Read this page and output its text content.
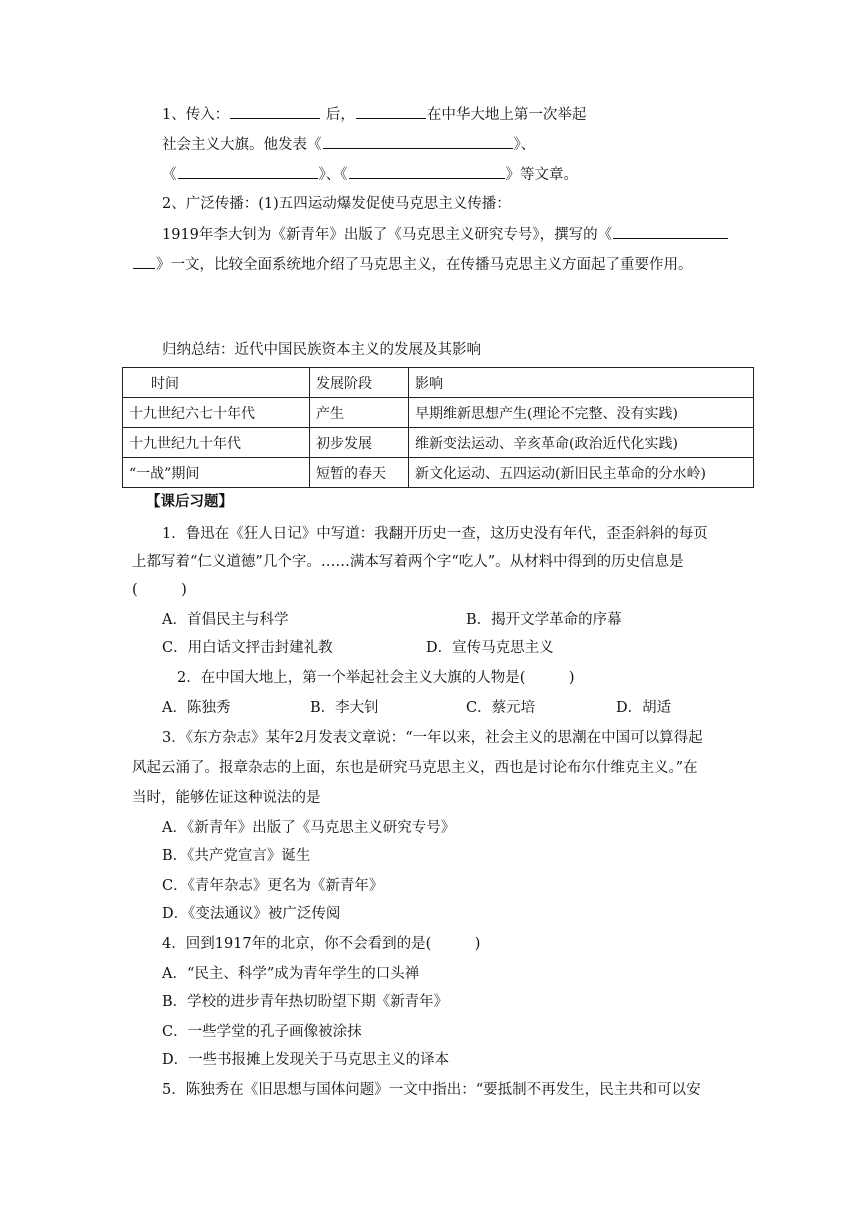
1、传入：	后，	在中华大地上第一次举起
社会主义大旗。他发表《	》、
《	》、《	》等文章。
2、广泛传播：(1)五四运动爆发促使马克思主义传播：
1919年李大钊为《新青年》出版了《马克思主义研究专号》，撰写的《
》一文，比较全面系统地介绍了马克思主义，在传播马克思主义方面起了重要作用。
归纳总结：近代中国民族资本主义的发展及其影响
时间	发展阶段	影响
十九世纪六七十年代	产生	早期维新思想产生(理论不完整、没有实践)
十九世纪九十年代	初步发展	维新变法运动、辛亥革命(政治近代化实践)
“一战”期间	短暂的春天	新文化运动、五四运动(新旧民主革命的分水岭)
【课后习题】
1．鲁迅在《狂人日记》中写道：我翻开历史一查，这历史没有年代，歪歪斜斜的每页
上都写着“仁义道德”几个字。……满本写着两个字“吃人”。从材料中得到的历史信息是
(　　　)
A．首倡民主与科学	B．揭开文学革命的序幕
C．用白话文抨击封建礼教	D．宣传马克思主义
2．在中国大地上，第一个举起社会主义大旗的人物是(　　　)
A．陈独秀	B．李大钊	C．蔡元培	D．胡适
3．《东方杂志》某年2月发表文章说：“一年以来，社会主义的思潮在中国可以算得起
风起云涌了。报章杂志的上面，东也是研究马克思主义，西也是讨论布尔什维克主义。”在
当时，能够佐证这种说法的是
A．《新青年》出版了《马克思主义研究专号》
B．《共产党宣言》诞生
C．《青年杂志》更名为《新青年》
D．《变法通议》被广泛传阅
4．回到1917年的北京，你不会看到的是(　　　)
A．“民主、科学”成为青年学生的口头禅
B．学校的进步青年热切盼望下期《新青年》
C．一些学堂的孔子画像被涂抹
D．一些书报摊上发现关于马克思主义的译本
5．陈独秀在《旧思想与国体问题》一文中指出：“要抵制不再发生，民主共和可以安
